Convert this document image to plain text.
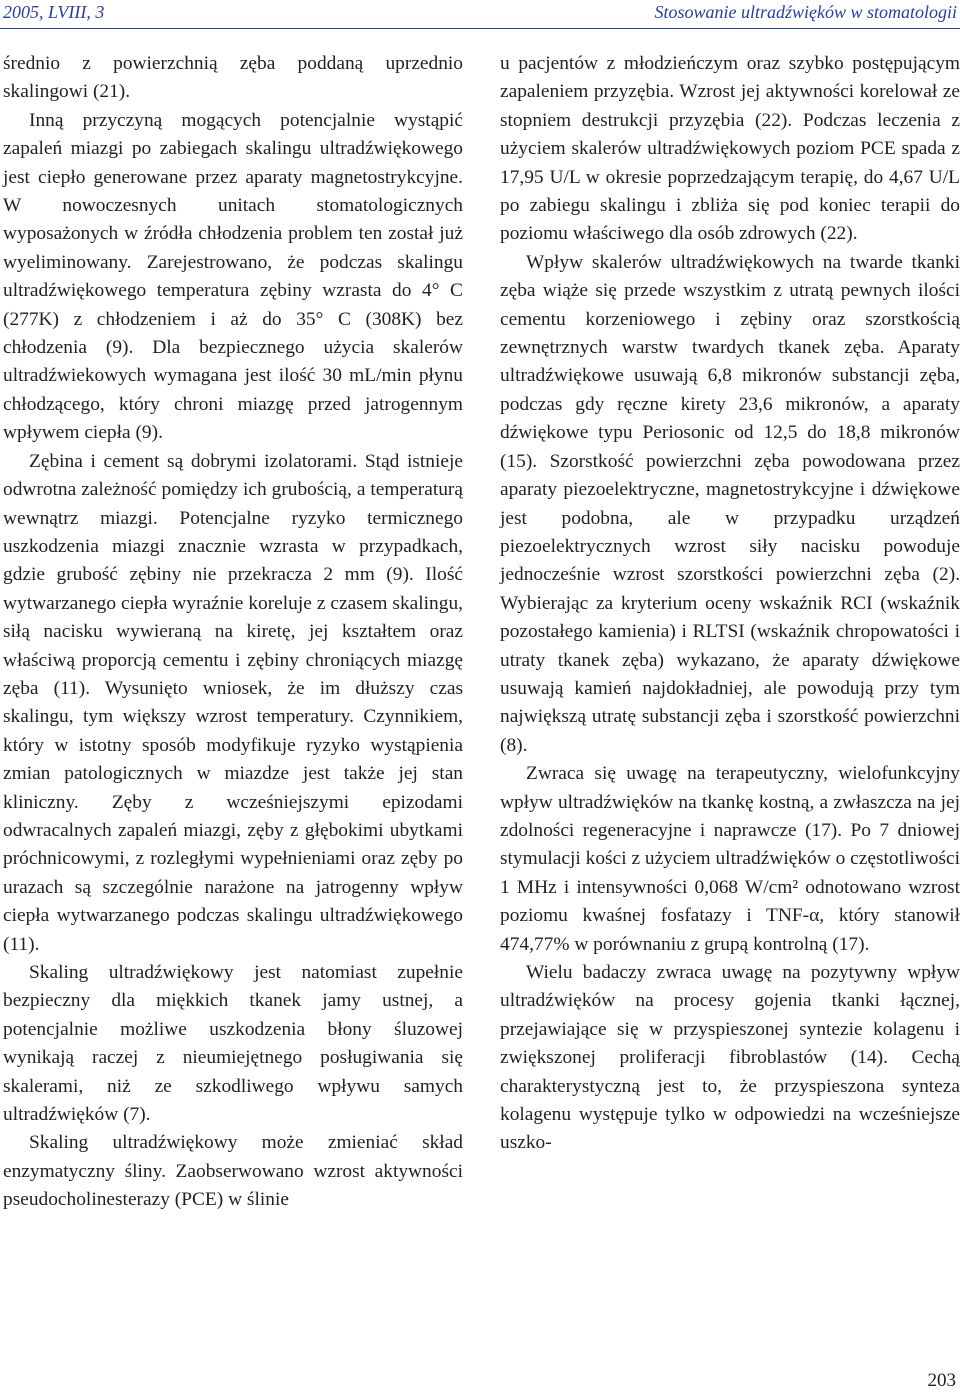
2005, LVIII, 3	Stosowanie ultradźwięków w stomatologii

średnio z powierzchnią zęba poddaną uprzednio skalingowi (21).

Inną przyczyną mogących potencjalnie wystąpić zapaleń miazgi po zabiegach skalingu ultradźwiękowego jest ciepło generowane przez aparaty magnetostrykcyjne. W nowoczesnych unitach stomatologicznych wyposażonych w źródła chłodzenia problem ten został już wyeliminowany. Zarejestrowano, że podczas skalingu ultradźwiękowego temperatura zębiny wzrasta do 4° C (277K) z chłodzeniem i aż do 35° C (308K) bez chłodzenia (9). Dla bezpiecznego użycia skalerów ultradźwiekowych wymagana jest ilość 30 mL/min płynu chłodzącego, który chroni miazgę przed jatrogennym wpływem ciepła (9).

Zębina i cement są dobrymi izolatorami. Stąd istnieje odwrotna zależność pomiędzy ich grubością, a temperaturą wewnątrz miazgi. Potencjalne ryzyko termicznego uszkodzenia miazgi znacznie wzrasta w przypadkach, gdzie grubość zębiny nie przekracza 2 mm (9). Ilość wytwarzanego ciepła wyraźnie koreluje z czasem skalingu, siłą nacisku wywieraną na kiretę, jej kształtem oraz właściwą proporcją cementu i zębiny chroniących miazgę zęba (11). Wysunięto wniosek, że im dłuższy czas skalingu, tym większy wzrost temperatury. Czynnikiem, który w istotny sposób modyfikuje ryzyko wystąpienia zmian patologicznych w miazdze jest także jej stan kliniczny. Zęby z wcześniejszymi epizodami odwracalnych zapaleń miazgi, zęby z głębokimi ubytkami próchnicowymi, z rozległymi wypełnieniami oraz zęby po urazach są szczególnie narażone na jatrogenny wpływ ciepła wytwarzanego podczas skalingu ultradźwiękowego (11).

Skaling ultradźwiękowy jest natomiast zupełnie bezpieczny dla miękkich tkanek jamy ustnej, a potencjalnie możliwe uszkodzenia błony śluzowej wynikają raczej z nieumiejętnego posługiwania się skalerami, niż ze szkodliwego wpływu samych ultradźwięków (7).

Skaling ultradźwiękowy może zmieniać skład enzymatyczny śliny. Zaobserwowano wzrost aktywności pseudocholinesterazy (PCE) w ślinie

u pacjentów z młodzieńczym oraz szybko postępującym zapaleniem przyzębia. Wzrost jej aktywności korelował ze stopniem destrukcji przyzębia (22). Podczas leczenia z użyciem skalerów ultradźwiękowych poziom PCE spada z 17,95 U/L w okresie poprzedzającym terapię, do 4,67 U/L po zabiegu skalingu i zbliża się pod koniec terapii do poziomu właściwego dla osób zdrowych (22).

Wpływ skalerów ultradźwiękowych na twarde tkanki zęba wiąże się przede wszystkim z utratą pewnych ilości cementu korzeniowego i zębiny oraz szorstkością zewnętrznych warstw twardych tkanek zęba. Aparaty ultradźwiękowe usuwają 6,8 mikronów substancji zęba, podczas gdy ręczne kirety 23,6 mikronów, a aparaty dźwiękowe typu Periosonic od 12,5 do 18,8 mikronów (15). Szorstkość powierzchni zęba powodowana przez aparaty piezoelektryczne, magnetostrykcyjne i dźwiękowe jest podobna, ale w przypadku urządzeń piezoelektrycznych wzrost siły nacisku powoduje jednocześnie wzrost szorstkości powierzchni zęba (2). Wybierając za kryterium oceny wskaźnik RCI (wskaźnik pozostałego kamienia) i RLTSI (wskaźnik chropowatości i utraty tkanek zęba) wykazano, że aparaty dźwiękowe usuwają kamień najdokładniej, ale powodują przy tym największą utratę substancji zęba i szorstkość powierzchni (8).

Zwraca się uwagę na terapeutyczny, wielofunkcyjny wpływ ultradźwięków na tkankę kostną, a zwłaszcza na jej zdolności regeneracyjne i naprawcze (17). Po 7 dniowej stymulacji kości z użyciem ultradźwięków o częstotliwości 1 MHz i intensywności 0,068 W/cm² odnotowano wzrost poziomu kwaśnej fosfatazy i TNF-α, który stanowił 474,77% w porównaniu z grupą kontrolną (17).

Wielu badaczy zwraca uwagę na pozytywny wpływ ultradźwięków na procesy gojenia tkanki łącznej, przejawiające się w przyspieszonej syntezie kolagenu i zwiększonej proliferacji fibroblastów (14). Cechą charakterystyczną jest to, że przyspieszona synteza kolagenu występuje tylko w odpowiedzi na wcześniejsze uszko-

203
